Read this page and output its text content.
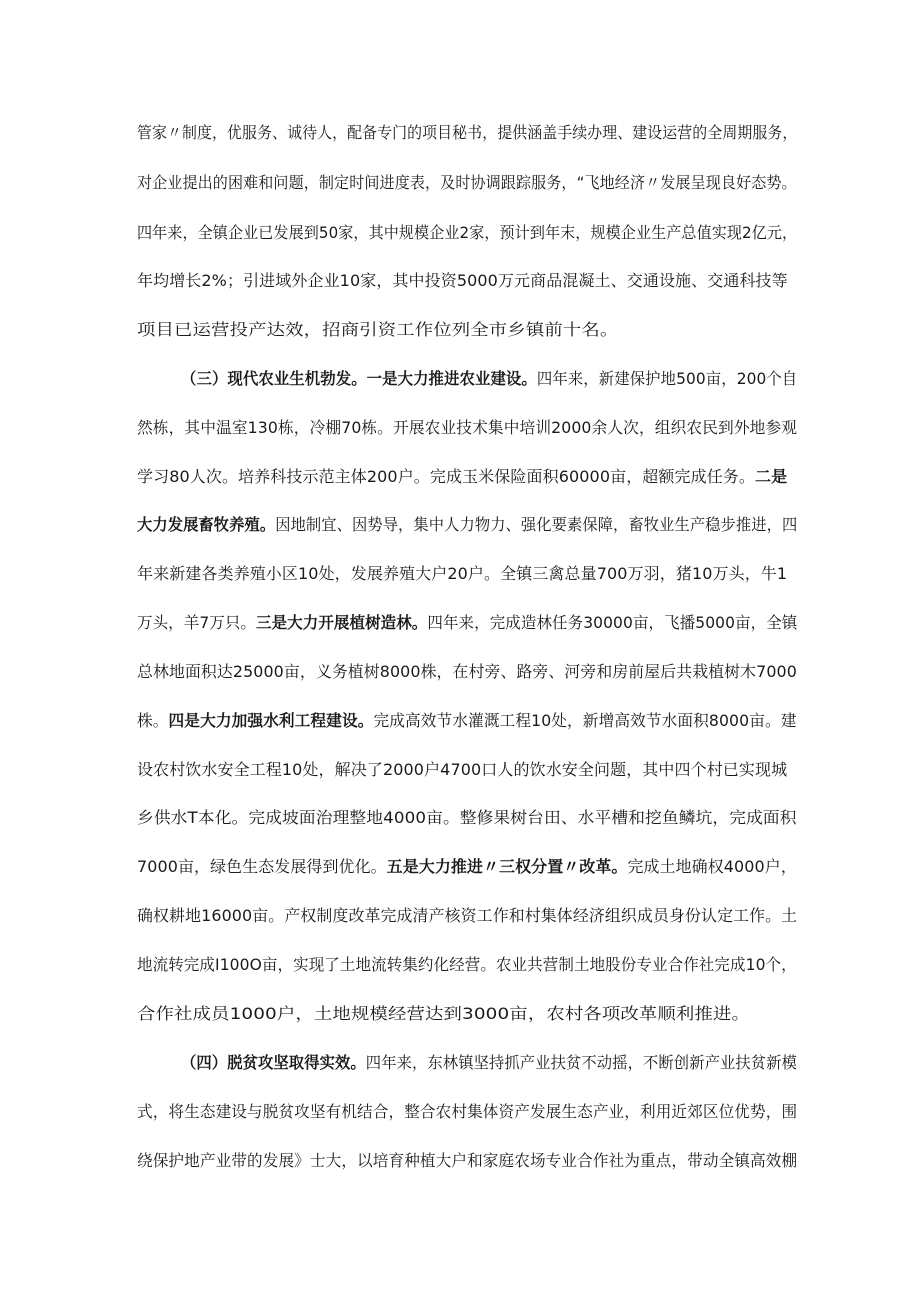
管家〃制度，优服务、诚待人，配备专门的项目秘书，提供涵盖手续办理、建设运营的全周期服务，
对企业提出的困难和问题，制定时间进度表，及时协调跟踪服务，“飞地经济〃发展呈现良好态势。
四年来，全镇企业已发展到50家，其中规模企业2家，预计到年末，规模企业生产总值实现2亿元，
年均增长2%；引进域外企业10家，其中投资5000万元商品混凝土、交通设施、交通科技等
项目已运营投产达效，招商引资工作位列全市乡镇前十名。
（三）现代农业生机勃发。一是大力推进农业建设。四年来，新建保护地500亩，200个自
然栋，其中温室130栋，冷棚70栋。开展农业技术集中培训2000余人次，组织农民到外地参观
学习80人次。培养科技示范主体200户。完成玉米保险面积60000亩，超额完成任务。二是
大力发展畜牧养殖。因地制宜、因势导，集中人力物力、强化要素保障，畜牧业生产稳步推进，四
年来新建各类养殖小区10处，发展养殖大户20户。全镇三禽总量700万羽，猪10万头，牛1
万头，羊7万只。三是大力开展植树造林。四年来，完成造林任务30000亩，飞播5000亩，全镇
总林地面积达25000亩，义务植树8000株，在村旁、路旁、河旁和房前屋后共栽植树木7000
株。四是大力加强水利工程建设。完成高效节水灌溉工程10处，新增高效节水面积8000亩。建
设农村饮水安全工程10处，解决了2000户4700口人的饮水安全问题，其中四个村已实现城
乡供水T本化。完成坡面治理整地4000亩。整修果树台田、水平槽和挖鱼鳞坑，完成面积
7000亩，绿色生态发展得到优化。五是大力推进〃三权分置〃改革。完成土地确权4000户，
确权耕地16000亩。产权制度改革完成清产核资工作和村集体经济组织成员身份认定工作。土
地流转完成I100O亩，实现了土地流转集约化经营。农业共营制土地股份专业合作社完成10个，
合作社成员1000户，土地规模经营达到3000亩，农村各项改革顺利推进。
（四）脱贫攻坚取得实效。四年来，东林镇坚持抓产业扶贫不动摇，不断创新产业扶贫新模
式，将生态建设与脱贫攻坚有机结合，整合农村集体资产发展生态产业，利用近郊区位优势，围
绕保护地产业带的发展》士大，以培育种植大户和家庭农场专业合作社为重点，带动全镇高效棚
